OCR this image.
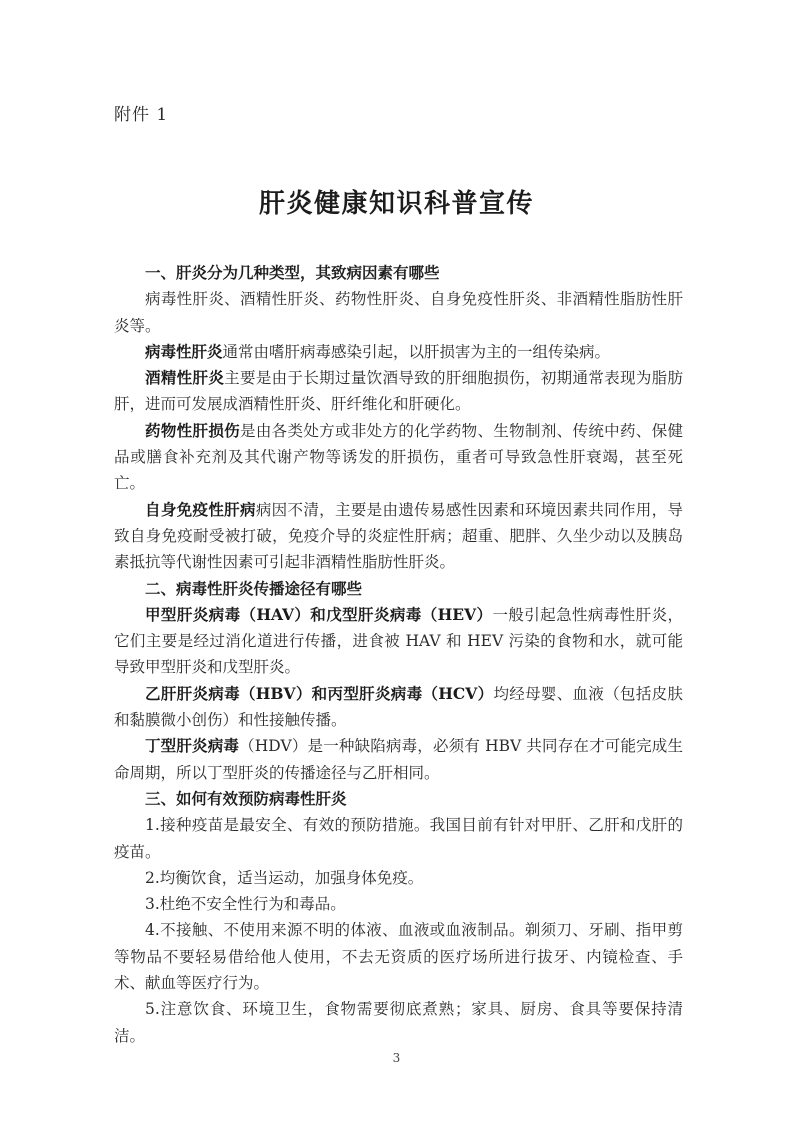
附件 1
肝炎健康知识科普宣传

一、肝炎分为几种类型，其致病因素有哪些

病毒性肝炎、酒精性肝炎、药物性肝炎、自身免疫性肝炎、非酒精性脂肪性肝炎等。

病毒性肝炎通常由嗜肝病毒感染引起，以肝损害为主的一组传染病。

酒精性肝炎主要是由于长期过量饮酒导致的肝细胞损伤，初期通常表现为脂肪肝，进而可发展成酒精性肝炎、肝纤维化和肝硬化。

药物性肝损伤是由各类处方或非处方的化学药物、生物制剂、传统中药、保健品或膳食补充剂及其代谢产物等诱发的肝损伤，重者可导致急性肝衰竭，甚至死亡。

自身免疫性肝病病因不清，主要是由遗传易感性因素和环境因素共同作用，导致自身免疫耐受被打破，免疫介导的炎症性肝病；超重、肥胖、久坐少动以及胰岛素抵抗等代谢性因素可引起非酒精性脂肪性肝炎。

二、病毒性肝炎传播途径有哪些

甲型肝炎病毒（HAV）和戊型肝炎病毒（HEV）一般引起急性病毒性肝炎，它们主要是经过消化道进行传播，进食被 HAV 和 HEV 污染的食物和水，就可能导致甲型肝炎和戊型肝炎。

乙肝肝炎病毒（HBV）和丙型肝炎病毒（HCV）均经母婴、血液（包括皮肤和黏膜微小创伤）和性接触传播。

丁型肝炎病毒（HDV）是一种缺陷病毒，必须有 HBV 共同存在才可能完成生命周期，所以丁型肝炎的传播途径与乙肝相同。

三、如何有效预防病毒性肝炎

1.接种疫苗是最安全、有效的预防措施。我国目前有针对甲肝、乙肝和戊肝的疫苗。

2.均衡饮食，适当运动，加强身体免疫。

3.杜绝不安全性行为和毒品。

4.不接触、不使用来源不明的体液、血液或血液制品。剃须刀、牙刷、指甲剪等物品不要轻易借给他人使用，不去无资质的医疗场所进行拔牙、内镜检查、手术、献血等医疗行为。

5.注意饮食、环境卫生，食物需要彻底煮熟；家具、厨房、食具等要保持清洁。

3
